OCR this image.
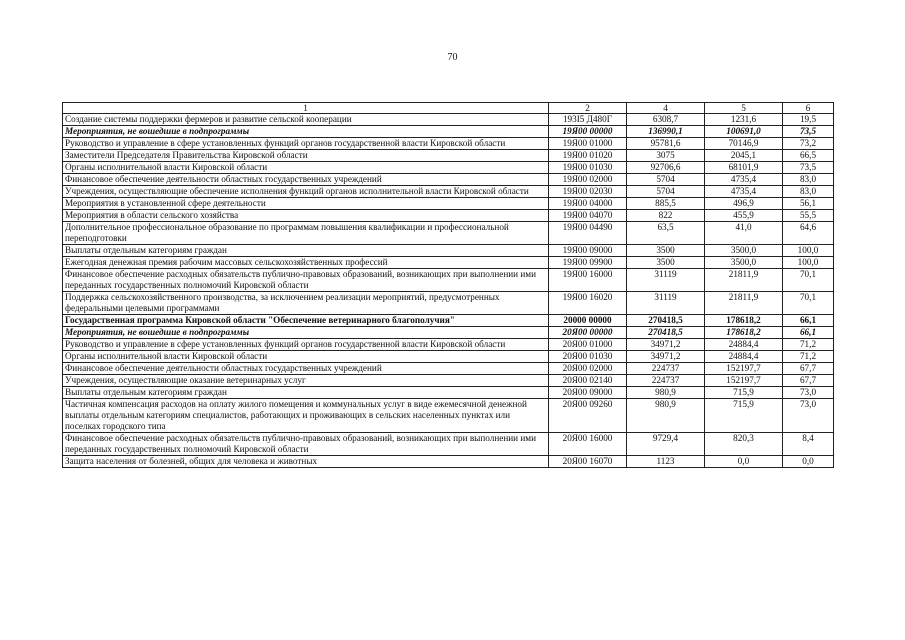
70
1	2	4	5	6
Создание системы поддержки фермеров и развитие сельской кооперации	193I5 Д480Г	6308,7	1231,6	19,5
Мероприятия, не вошедшие в подпрограммы	19Я00 00000	136990,1	100691,0	73,5
Руководство и управление в сфере установленных функций органов государственной власти Кировской области	19Я00 01000	95781,6	70146,9	73,2
Заместители Председателя Правительства Кировской области	19Я00 01020	3075	2045,1	66,5
Органы исполнительной власти Кировской области	19Я00 01030	92706,6	68101,9	73,5
Финансовое обеспечение деятельности областных государственных учреждений	19Я00 02000	5704	4735,4	83,0
Учреждения, осуществляющие обеспечение исполнения функций органов исполнительной власти Кировской области	19Я00 02030	5704	4735,4	83,0
Мероприятия в установленной сфере деятельности	19Я00 04000	885,5	496,9	56,1
Мероприятия в области сельского хозяйства	19Я00 04070	822	455,9	55,5
Дополнительное профессиональное образование по программам повышения квалификации и профессиональной переподготовки	19Я00 04490	63,5	41,0	64,6
Выплаты отдельным категориям граждан	19Я00 09000	3500	3500,0	100,0
Ежегодная денежная премия рабочим массовых сельскохозяйственных профессий	19Я00 09900	3500	3500,0	100,0
Финансовое обеспечение расходных обязательств публично-правовых образований, возникающих при выполнении ими переданных государственных полномочий Кировской области	19Я00 16000	31119	21811,9	70,1
Поддержка сельскохозяйственного производства, за исключением реализации мероприятий, предусмотренных федеральными целевыми программами	19Я00 16020	31119	21811,9	70,1
Государственная программа Кировской области "Обеспечение ветеринарного благополучия"	20000 00000	270418,5	178618,2	66,1
Мероприятия, не вошедшие в подпрограммы	20Я00 00000	270418,5	178618,2	66,1
Руководство и управление в сфере установленных функций органов государственной власти Кировской области	20Я00 01000	34971,2	24884,4	71,2
Органы исполнительной власти Кировской области	20Я00 01030	34971,2	24884,4	71,2
Финансовое обеспечение деятельности областных государственных учреждений	20Я00 02000	224737	152197,7	67,7
Учреждения, осуществляющие оказание ветеринарных услуг	20Я00 02140	224737	152197,7	67,7
Выплаты отдельным категориям граждан	20Я00 09000	980,9	715,9	73,0
Частичная компенсация расходов на оплату жилого помещения и коммунальных услуг в виде ежемесячной денежной выплаты отдельным категориям специалистов, работающих и проживающих в сельских населенных пунктах или поселках городского типа	20Я00 09260	980,9	715,9	73,0
Финансовое обеспечение расходных обязательств публично-правовых образований, возникающих при выполнении ими переданных государственных полномочий Кировской области	20Я00 16000	9729,4	820,3	8,4
Защита населения от болезней, общих для человека и животных	20Я00 16070	1123	0,0	0,0
